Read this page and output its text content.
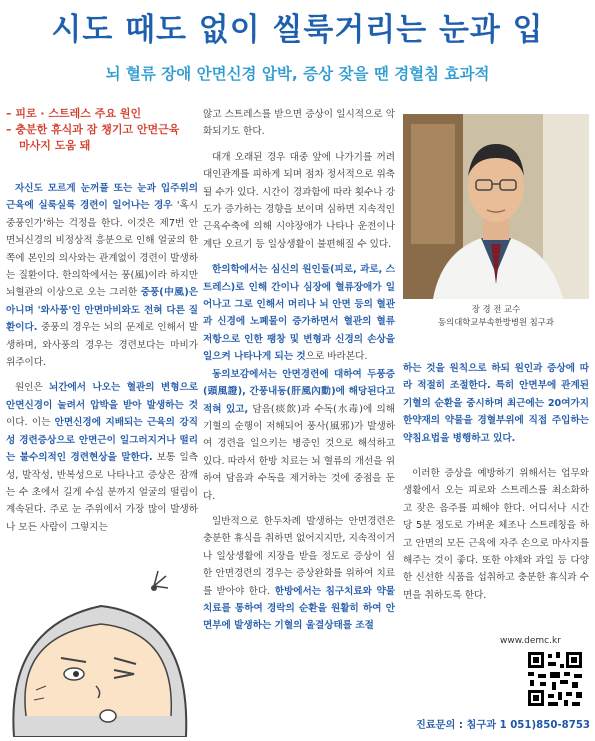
시도 때도 없이 씰룩거리는 눈과 입
뇌 혈류 장애 안면신경 압박, 증상 잦을 땐 경혈침 효과적
– 피로 · 스트레스 주요 원인
– 충분한 휴식과 잠 챙기고 안면근육
마사지 도움 돼

자신도 모르게 눈꺼풀 또는 눈과 입주위의 근육에 실룩실룩 경련이 일어나는 경우 '혹시 중풍인가'하는 걱정을 한다. 이것은 제7번 안면뇌신경의 비정상적 흥분으로 인해 얼굴의 한쪽에 본인의 의사와는 관계없이 경련이 발생하는 질환이다. 한의학에서는 풍(風)이라 하지만 뇌혈관의 이상으로 오는 그러한 중풍(中風)은 아니며 '와사풍'인 안면마비와도 전혀 다른 질환이다. 중풍의 경우는 뇌의 문제로 인해서 발생하며, 와사풍의 경우는 경련보다는 마비가 위주이다.

원인은 뇌간에서 나오는 혈관의 변형으로 안면신경이 눌려서 압박을 받아 발생하는 것이다. 이는 안면신경에 지배되는 근육의 강직성 경련증상으로 안면근이 일그러지거나 떨리는 불수의적인 경련현상을 말한다. 보통 일측성, 발작성, 반복성으로 나타나고 증상은 잠깨는 수 초에서 길게 수십 분까지 얼굴의 떨림이 계속된다. 주로 눈 주위에서 가장 많이 발생하나 모든 사람이 그렇지는

않고 스트레스를 받으면 증상이 일시적으로 악화되기도 한다.

대개 오래된 경우 대중 앞에 나가기를 꺼려 대인관계를 피하게 되며 점차 정서적으로 위축될 수가 있다. 시간이 경과함에 따라 횟수나 강도가 증가하는 경향을 보이며 심하면 지속적인 근육수축에 의해 시야장애가 나타나 운전이나 계단 오르기 등 일상생활이 불편해질 수 있다.

한의학에서는 심신의 원인들(피로, 과로, 스트레스)로 인해 간이나 심장에 혈류장애가 일어나고 그로 인해서 머리나 뇌 안면 등의 혈관과 신경에 노폐물이 증가하면서 혈관의 혈류저항으로 인한 팽창 및 변형과 신경의 손상을 일으켜 나타나게 되는 것으로 바라본다.

동의보감에서는 안면경련에 대하여 두풍증(頭風證), 간풍내동(肝風內動)에 해당된다고 적혀 있고, 담음(痰飮)과 수독(水毒)에 의해 기혈의 순행이 저해되어 풍사(風邪)가 발생하여 경련을 일으키는 병증인 것으로 해석하고 있다. 따라서 한방 치료는 뇌 혈류의 개선을 위하여 담음과 수독을 제거하는 것에 중점을 둔다.

일반적으로 한두차례 발생하는 안면경련은 충분한 휴식을 취하면 없어지지만, 지속적이거나 일상생활에 지장을 받을 정도로 증상이 심한 안면경련의 경우는 증상완화를 위하여 치료를 받아야 한다. 한방에서는 침구치료와 약물치료를 통하여 경락의 순환을 원활히 하여 안면부에 발생하는 기혈의 울결상태를 조절

장 경 전 교수
동의대학교부속한방병원 침구과

하는 것을 원칙으로 하되 원인과 증상에 따라 적절히 조절한다. 특히 안면부에 관계된 기혈의 순환을 중시하며 최근에는 20여가지 한약재의 약물을 경혈부위에 직접 주입하는 약침요법을 병행하고 있다.

이러한 증상을 예방하기 위해서는 업무와 생활에서 오는 피로와 스트레스를 최소화하고 잦은 음주를 피해야 한다. 어디서나 시간당 5분 정도로 가벼운 체조나 스트레칭을 하고 안면의 모든 근육에 자주 손으로 마사지를 해주는 것이 좋다. 또한 야채와 과일 등 다양한 신선한 식품을 섭취하고 충분한 휴식과 수면을 취하도록 한다.

www.demc.kr
진료문의 : 침구과 1 051)850-8753
